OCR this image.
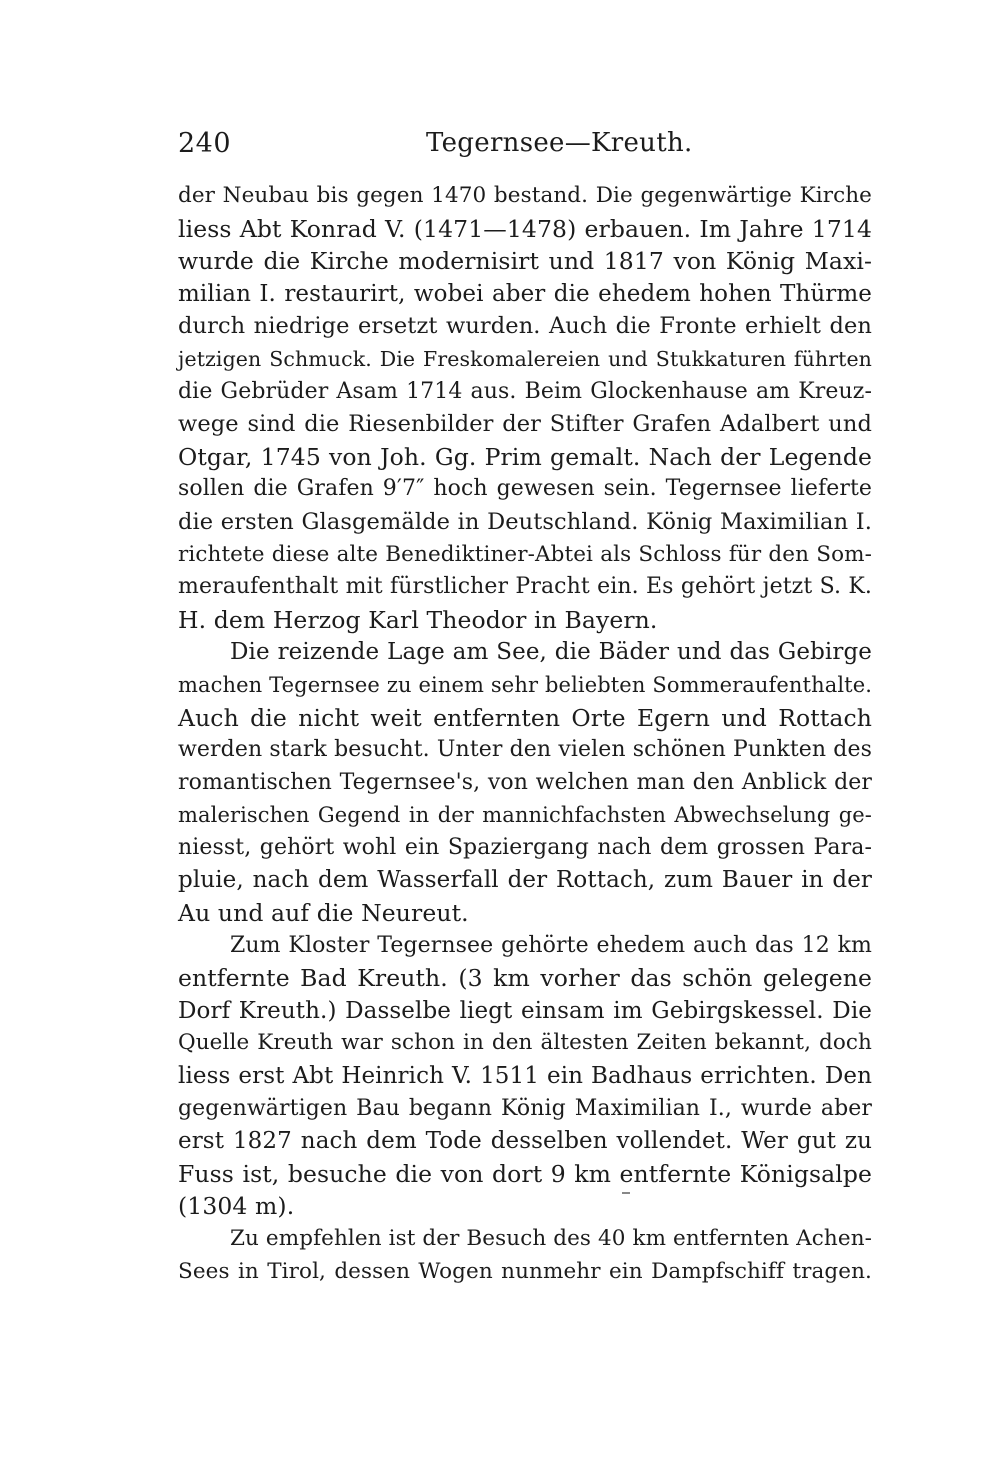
240	Tegernsee—Kreuth.
der Neubau bis gegen 1470 bestand. Die gegenwärtige Kirche
liess Abt Konrad V. (1471—1478) erbauen. Im Jahre 1714
wurde die Kirche modernisirt und 1817 von König Maxi-
milian I. restaurirt, wobei aber die ehedem hohen Thürme
durch niedrige ersetzt wurden. Auch die Fronte erhielt den
jetzigen Schmuck. Die Freskomalereien und Stukkaturen führten
die Gebrüder Asam 1714 aus. Beim Glockenhause am Kreuz-
wege sind die Riesenbilder der Stifter Grafen Adalbert und
Otgar, 1745 von Joh. Gg. Prim gemalt. Nach der Legende
sollen die Grafen 9′7″ hoch gewesen sein. Tegernsee lieferte
die ersten Glasgemälde in Deutschland. König Maximilian I.
richtete diese alte Benediktiner-Abtei als Schloss für den Som-
meraufenthalt mit fürstlicher Pracht ein. Es gehört jetzt S. K.
H. dem Herzog Karl Theodor in Bayern.
Die reizende Lage am See, die Bäder und das Gebirge
machen Tegernsee zu einem sehr beliebten Sommeraufenthalte.
Auch die nicht weit entfernten Orte Egern und Rottach
werden stark besucht. Unter den vielen schönen Punkten des
romantischen Tegernsee's, von welchen man den Anblick der
malerischen Gegend in der mannichfachsten Abwechselung ge-
niesst, gehört wohl ein Spaziergang nach dem grossen Para-
pluie, nach dem Wasserfall der Rottach, zum Bauer in der
Au und auf die Neureut.
Zum Kloster Tegernsee gehörte ehedem auch das 12 km
entfernte Bad Kreuth. (3 km vorher das schön gelegene
Dorf Kreuth.) Dasselbe liegt einsam im Gebirgskessel. Die
Quelle Kreuth war schon in den ältesten Zeiten bekannt, doch
liess erst Abt Heinrich V. 1511 ein Badhaus errichten. Den
gegenwärtigen Bau begann König Maximilian I., wurde aber
erst 1827 nach dem Tode desselben vollendet. Wer gut zu
Fuss ist, besuche die von dort 9 km entfernte Königsalpe
(1304 m).
Zu empfehlen ist der Besuch des 40 km entfernten Achen-
Sees in Tirol, dessen Wogen nunmehr ein Dampfschiff tragen.
